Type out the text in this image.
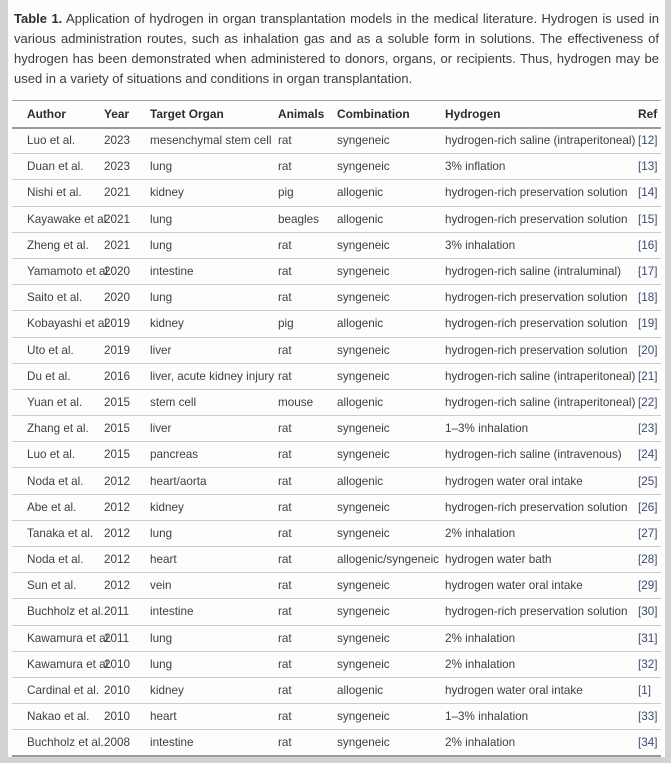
Table 1. Application of hydrogen in organ transplantation models in the medical literature. Hydrogen is used in various administration routes, such as inhalation gas and as a soluble form in solutions. The effectiveness of hydrogen has been demonstrated when administered to donors, organs, or recipients. Thus, hydrogen may be used in a variety of situations and conditions in organ transplantation.

Author	Year	Target Organ	Animals	Combination	Hydrogen	Ref
Luo et al.	2023	mesenchymal stem cell	rat	syngeneic	hydrogen-rich saline (intraperitoneal)	[12]
Duan et al.	2023	lung	rat	syngeneic	3% inflation	[13]
Nishi et al.	2021	kidney	pig	allogenic	hydrogen-rich preservation solution	[14]
Kayawake et al.	2021	lung	beagles	allogenic	hydrogen-rich preservation solution	[15]
Zheng et al.	2021	lung	rat	syngeneic	3% inhalation	[16]
Yamamoto et al.	2020	intestine	rat	syngeneic	hydrogen-rich saline (intraluminal)	[17]
Saito et al.	2020	lung	rat	syngeneic	hydrogen-rich preservation solution	[18]
Kobayashi et al.	2019	kidney	pig	allogenic	hydrogen-rich preservation solution	[19]
Uto et al.	2019	liver	rat	syngeneic	hydrogen-rich preservation solution	[20]
Du et al.	2016	liver, acute kidney injury	rat	syngeneic	hydrogen-rich saline (intraperitoneal)	[21]
Yuan et al.	2015	stem cell	mouse	allogenic	hydrogen-rich saline (intraperitoneal)	[22]
Zhang et al.	2015	liver	rat	syngeneic	1–3% inhalation	[23]
Luo et al.	2015	pancreas	rat	syngeneic	hydrogen-rich saline (intravenous)	[24]
Noda et al.	2012	heart/aorta	rat	allogenic	hydrogen water oral intake	[25]
Abe et al.	2012	kidney	rat	syngeneic	hydrogen-rich preservation solution	[26]
Tanaka et al.	2012	lung	rat	syngeneic	2% inhalation	[27]
Noda et al.	2012	heart	rat	allogenic/syngeneic	hydrogen water bath	[28]
Sun et al.	2012	vein	rat	syngeneic	hydrogen water oral intake	[29]
Buchholz et al.	2011	intestine	rat	syngeneic	hydrogen-rich preservation solution	[30]
Kawamura et al.	2011	lung	rat	syngeneic	2% inhalation	[31]
Kawamura et al.	2010	lung	rat	syngeneic	2% inhalation	[32]
Cardinal et al.	2010	kidney	rat	allogenic	hydrogen water oral intake	[1]
Nakao et al.	2010	heart	rat	syngeneic	1–3% inhalation	[33]
Buchholz et al.	2008	intestine	rat	syngeneic	2% inhalation	[34]
